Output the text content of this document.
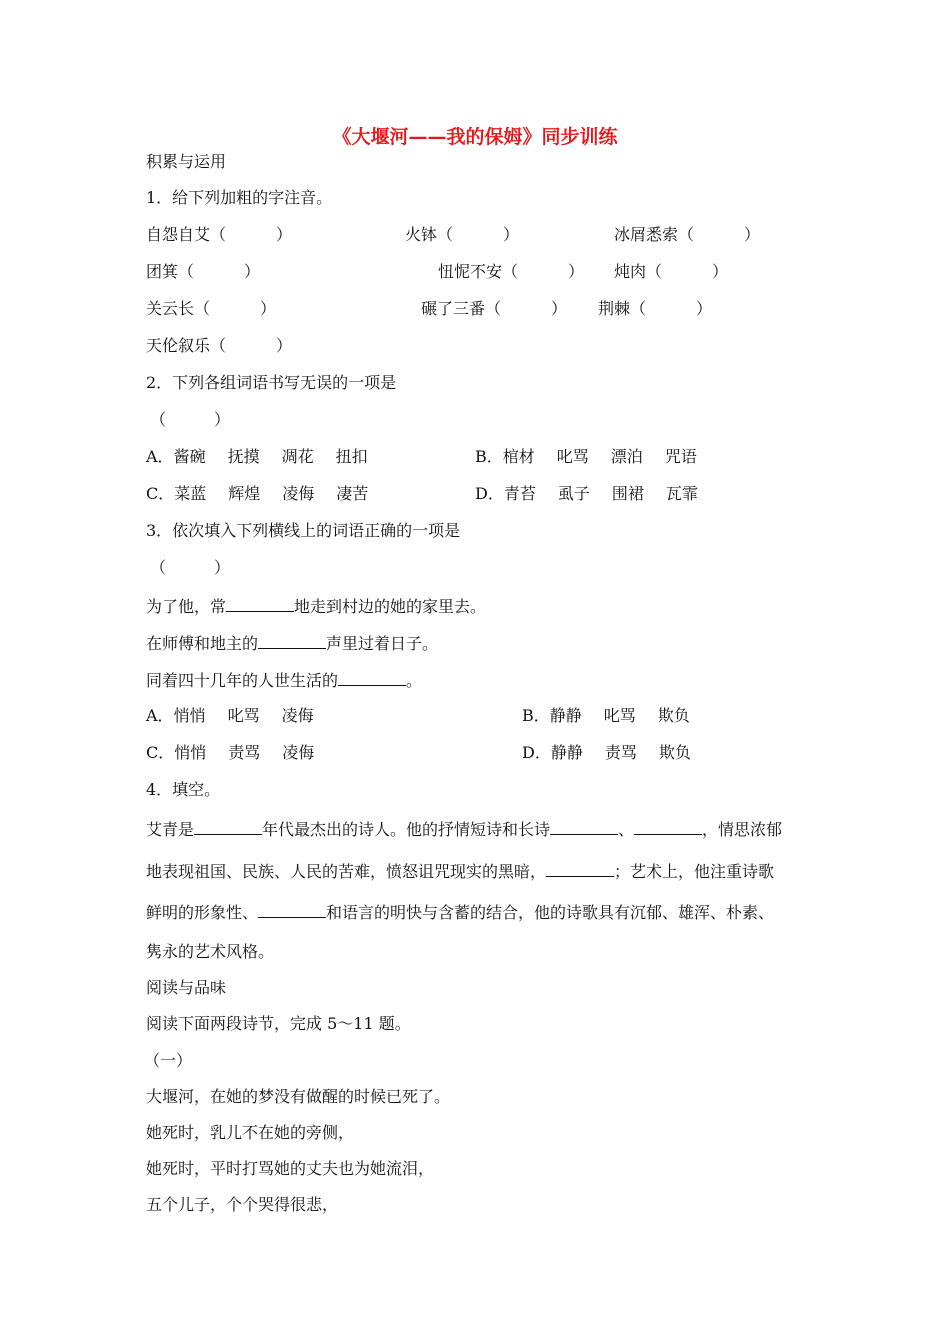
《大堰河——我的保姆》同步训练
积累与运用
1．给下列加粗的字注音。
自怨自艾（	）	火钵（	）	冰屑悉索（	）
团箕（	）	忸怩不安（	） 炖肉（	）
关云长（	）	碾了三番（	） 荆棘（	）
天伦叙乐（	）
2．下列各组词语书写无误的一项是
（　　　）
A．酱碗 抚摸 凋花 扭扣	B．棺材 叱骂 漂泊 咒语
C．菜蓝 辉煌 凌侮 凄苦	D．青苔 虱子 围裙 瓦霏
3．依次填入下列横线上的词语正确的一项是
（　　　）
为了他，常	地走到村边的她的家里去。
在师傅和地主的	声里过着日子。
同着四十几年的人世生活的	。
A．悄悄 叱骂 凌侮	B．静静 叱骂 欺负
C．悄悄 责骂 凌侮	D．静静 责骂 欺负
4．填空。
艾青是	年代最杰出的诗人。他的抒情短诗和长诗	、	，情思浓郁
地表现祖国、民族、人民的苦难，愤怒诅咒现实的黑暗，	；艺术上，他注重诗歌
鲜明的形象性、	和语言的明快与含蓄的结合，他的诗歌具有沉郁、雄浑、朴素、
隽永的艺术风格。
阅读与品味
阅读下面两段诗节，完成 5～11 题。
（一）
大堰河，在她的梦没有做醒的时候已死了。
她死时，乳儿不在她的旁侧，
她死时，平时打骂她的丈夫也为她流泪，
五个儿子，个个哭得很悲，
